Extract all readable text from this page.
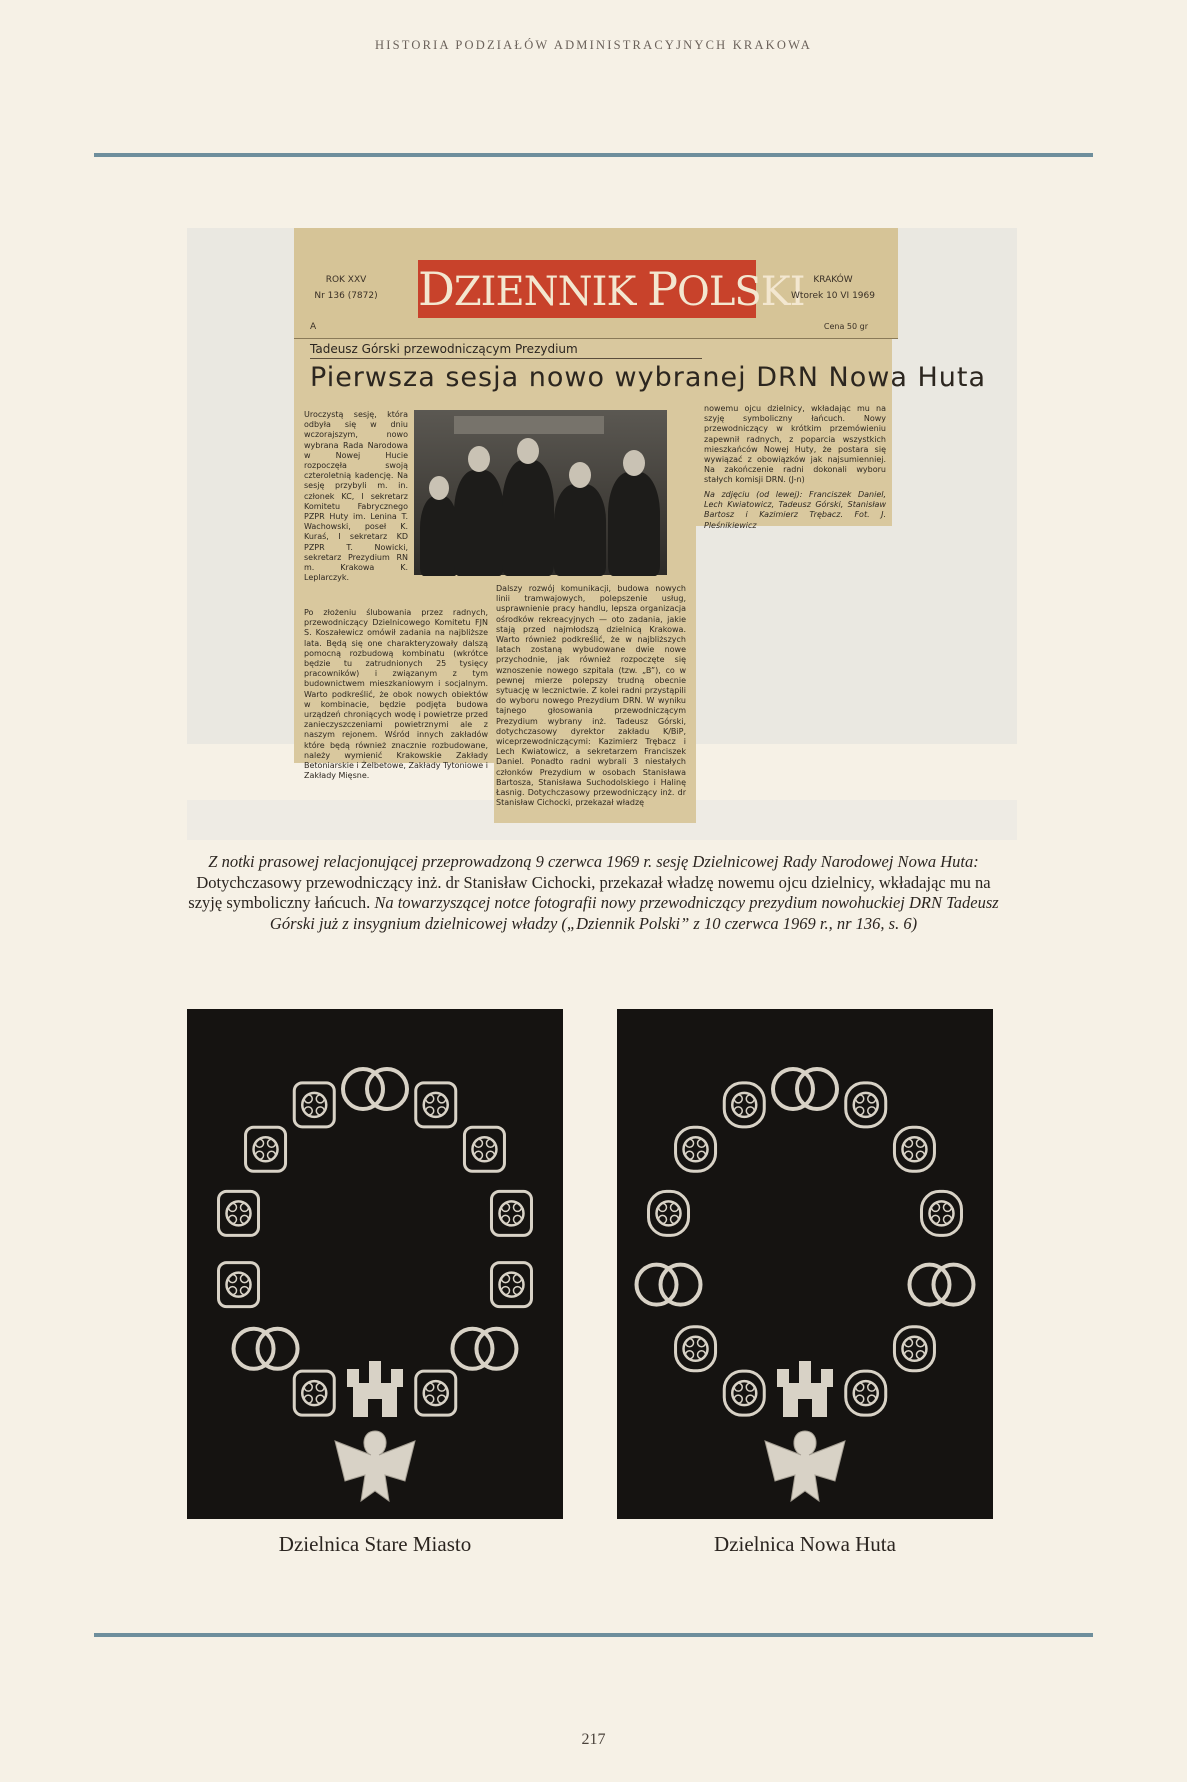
HISTORIA PODZIAŁÓW ADMINISTRACYJNYCH KRAKOWA
ROK XXV
Nr 136 (7872) DZIENNIK POLSKI KRAKÓW
Wtorek 10 VI 1969
A	Cena 50 gr
Tadeusz Górski przewodniczącym Prezydium
Pierwsza sesja nowo wybranej DRN Nowa Huta
Uroczystą sesję, która odbyła się w dniu wczorajszym, nowo wybrana Rada Narodowa w Nowej Hucie rozpoczęła swoją czteroletnią kadencję. Na sesję przybyli m. in. członek KC, I sekretarz Komitetu Fabrycznego PZPR Huty im. Lenina T. Wachowski, poseł K. Kuraś, I sekretarz KD PZPR T. Nowicki, sekretarz Prezydium RN m. Krakowa K. Leplarczyk.
Po złożeniu ślubowania przez radnych, przewodniczący Dzielnicowego Komitetu FJN S. Koszałewicz omówił zadania na najbliższe lata. Będą się one charakteryzowały dalszą pomocną rozbudową kombinatu (wkrótce będzie tu zatrudnionych 25 tysięcy pracowników) i związanym z tym budownictwem mieszkaniowym i socjalnym. Warto podkreślić, że obok nowych obiektów w kombinacie, będzie podjęta budowa urządzeń chroniących wodę i powietrze przed zanieczyszczeniami powietrznymi ale z naszym rejonem. Wśród innych zakładów które będą również znacznie rozbudowane, należy wymienić Krakowskie Zakłady Betoniarskie i Żelbetowe, Zakłady Tytoniowe i Zakłady Mięsne.
Dalszy rozwój komunikacji, budowa nowych linii tramwajowych, polepszenie usług, usprawnienie pracy handlu, lepsza organizacja ośrodków rekreacyjnych — oto zadania, jakie stają przed najmłodszą dzielnicą Krakowa. Warto również podkreślić, że w najbliższych latach zostaną wybudowane dwie nowe przychodnie, jak również rozpoczęte się wznoszenie nowego szpitala (tzw. „B”), co w pewnej mierze polepszy trudną obecnie sytuację w lecznictwie. Z kolei radni przystąpili do wyboru nowego Prezydium DRN. W wyniku tajnego głosowania przewodniczącym Prezydium wybrany inż. Tadeusz Górski, dotychczasowy dyrektor zakładu K/BiP, wiceprzewodniczącymi: Kazimierz Trębacz i Lech Kwiatowicz, a sekretarzem Franciszek Daniel. Ponadto radni wybrali 3 niestałych członków Prezydium w osobach Stanisława Bartosza, Stanisława Suchodolskiego i Halinę Łasnig. Dotychczasowy przewodniczący inż. dr Stanisław Cichocki, przekazał władzę
nowemu ojcu dzielnicy, wkładając mu na szyję symboliczny łańcuch. Nowy przewodniczący w krótkim przemówieniu zapewnił radnych, z poparcia wszystkich mieszkańców Nowej Huty, że postara się wywiązać z obowiązków jak najsumienniej. Na zakończenie radni dokonali wyboru stałych komisji DRN. (J-n)
Na zdjęciu (od lewej): Franciszek Daniel, Lech Kwiatowicz, Tadeusz Górski, Stanisław Bartosz i Kazimierz Trębacz. Fot. J. Pleśnikiewicz
Z notki prasowej relacjonującej przeprowadzoną 9 czerwca 1969 r. sesję Dzielnicowej Rady Narodowej Nowa Huta: Dotychczasowy przewodniczący inż. dr Stanisław Cichocki, przekazał władzę nowemu ojcu dzielnicy, wkładając mu na szyję symboliczny łańcuch. Na towarzyszącej notce fotografii nowy przewodniczący prezydium nowohuckiej DRN Tadeusz Górski już z insygnium dzielnicowej władzy („Dziennik Polski” z 10 czerwca 1969 r., nr 136, s. 6)
Dzielnica Stare Miasto	Dzielnica Nowa Huta
217
